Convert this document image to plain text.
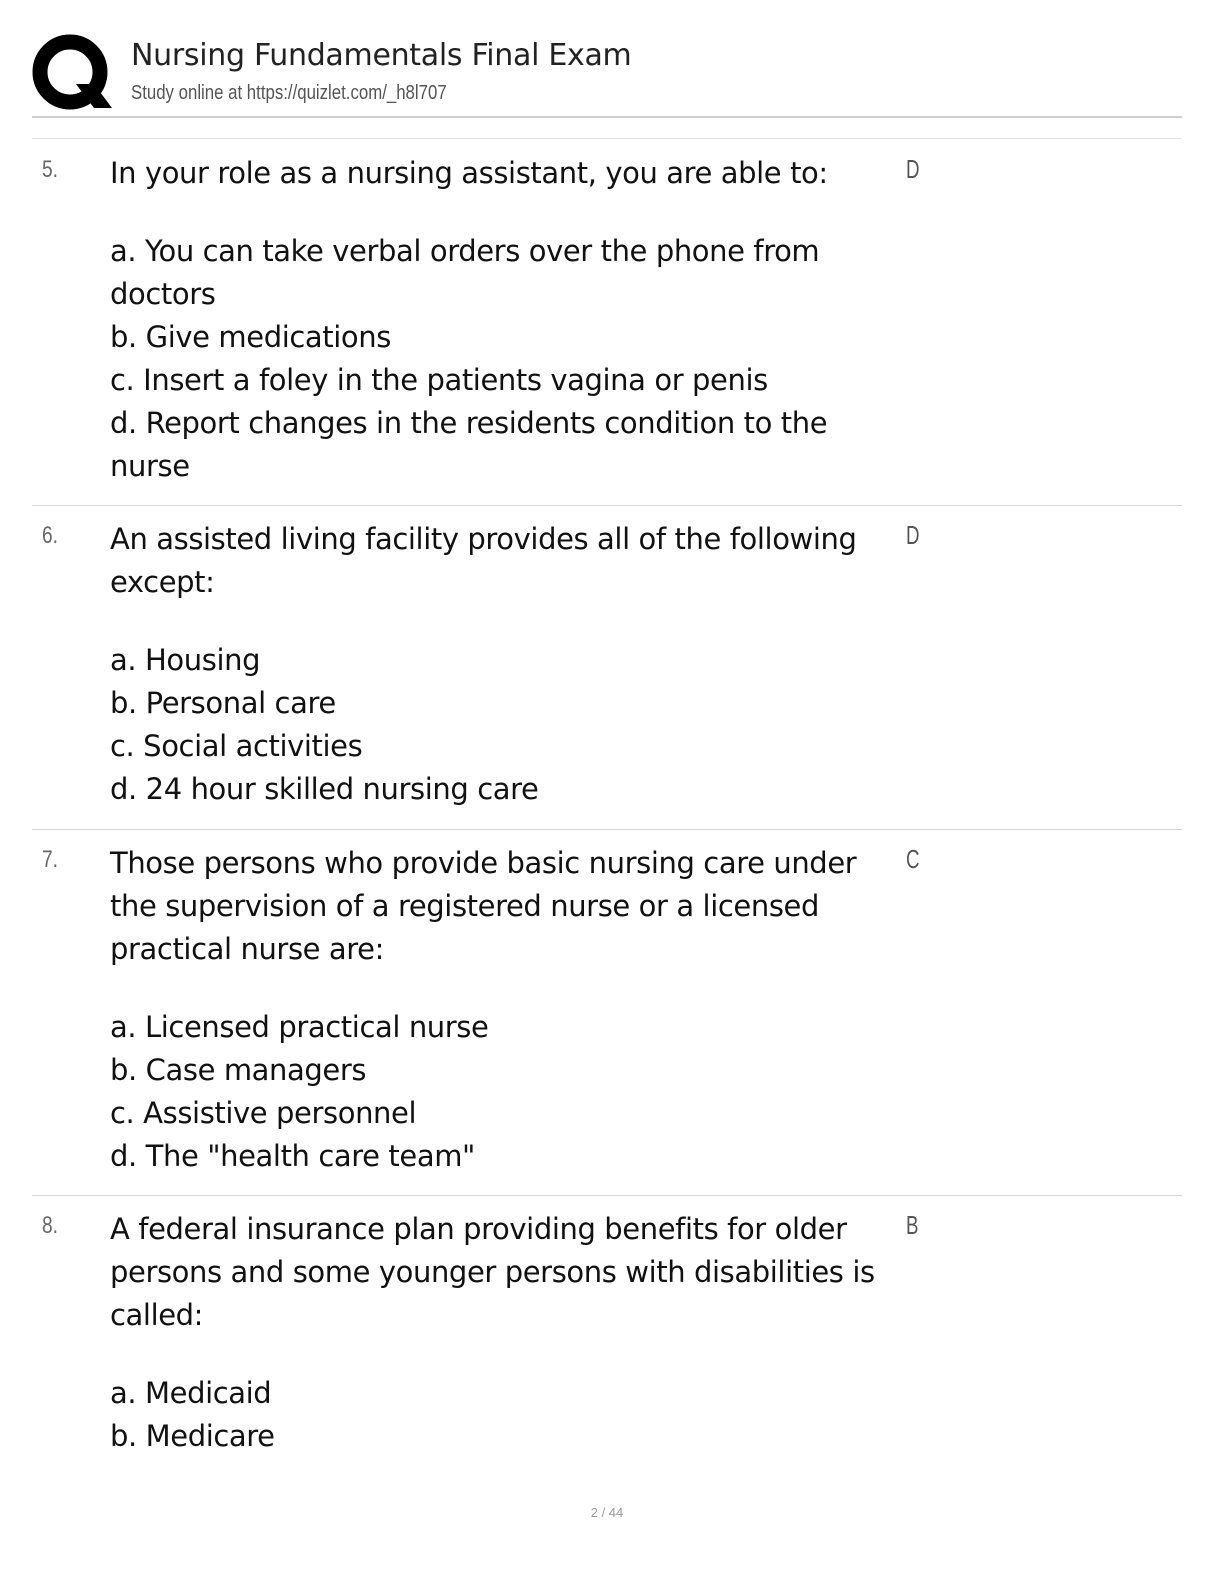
Nursing Fundamentals Final Exam
Study online at https://quizlet.com/_h8l707
5. In your role as a nursing assistant, you are able to:
a. You can take verbal orders over the phone from doctors
b. Give medications
c. Insert a foley in the patients vagina or penis
d. Report changes in the residents condition to the nurse
D
6. An assisted living facility provides all of the following except:
a. Housing
b. Personal care
c. Social activities
d. 24 hour skilled nursing care
D
7. Those persons who provide basic nursing care under the supervision of a registered nurse or a licensed practical nurse are:
a. Licensed practical nurse
b. Case managers
c. Assistive personnel
d. The "health care team"
C
8. A federal insurance plan providing benefits for older persons and some younger persons with disabilities is called:
a. Medicaid
b. Medicare
B
2 / 44
